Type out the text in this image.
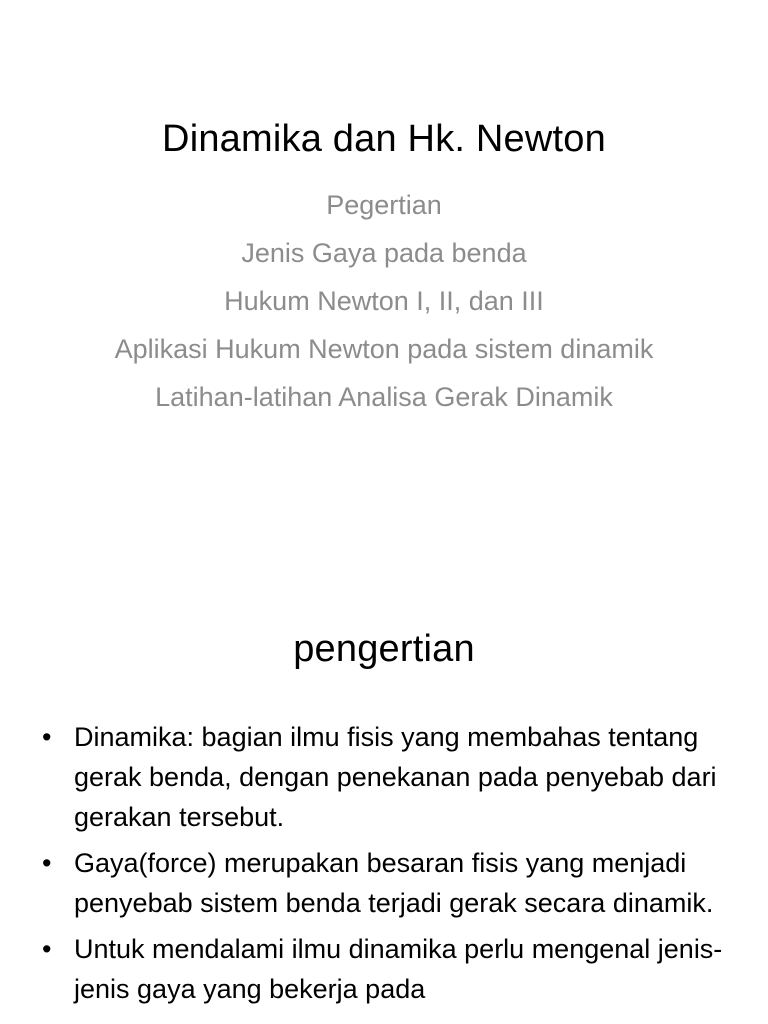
Dinamika dan Hk. Newton
Pegertian
Jenis Gaya pada benda
Hukum Newton I, II, dan III
Aplikasi Hukum Newton pada sistem dinamik
Latihan-latihan Analisa Gerak Dinamik
pengertian
• Dinamika: bagian ilmu fisis yang membahas tentang gerak benda, dengan penekanan pada penyebab dari gerakan tersebut.
• Gaya(force) merupakan besaran fisis yang menjadi penyebab sistem benda terjadi gerak secara dinamik.
• Untuk mendalami ilmu dinamika perlu mengenal jenis-jenis gaya yang bekerja pada
